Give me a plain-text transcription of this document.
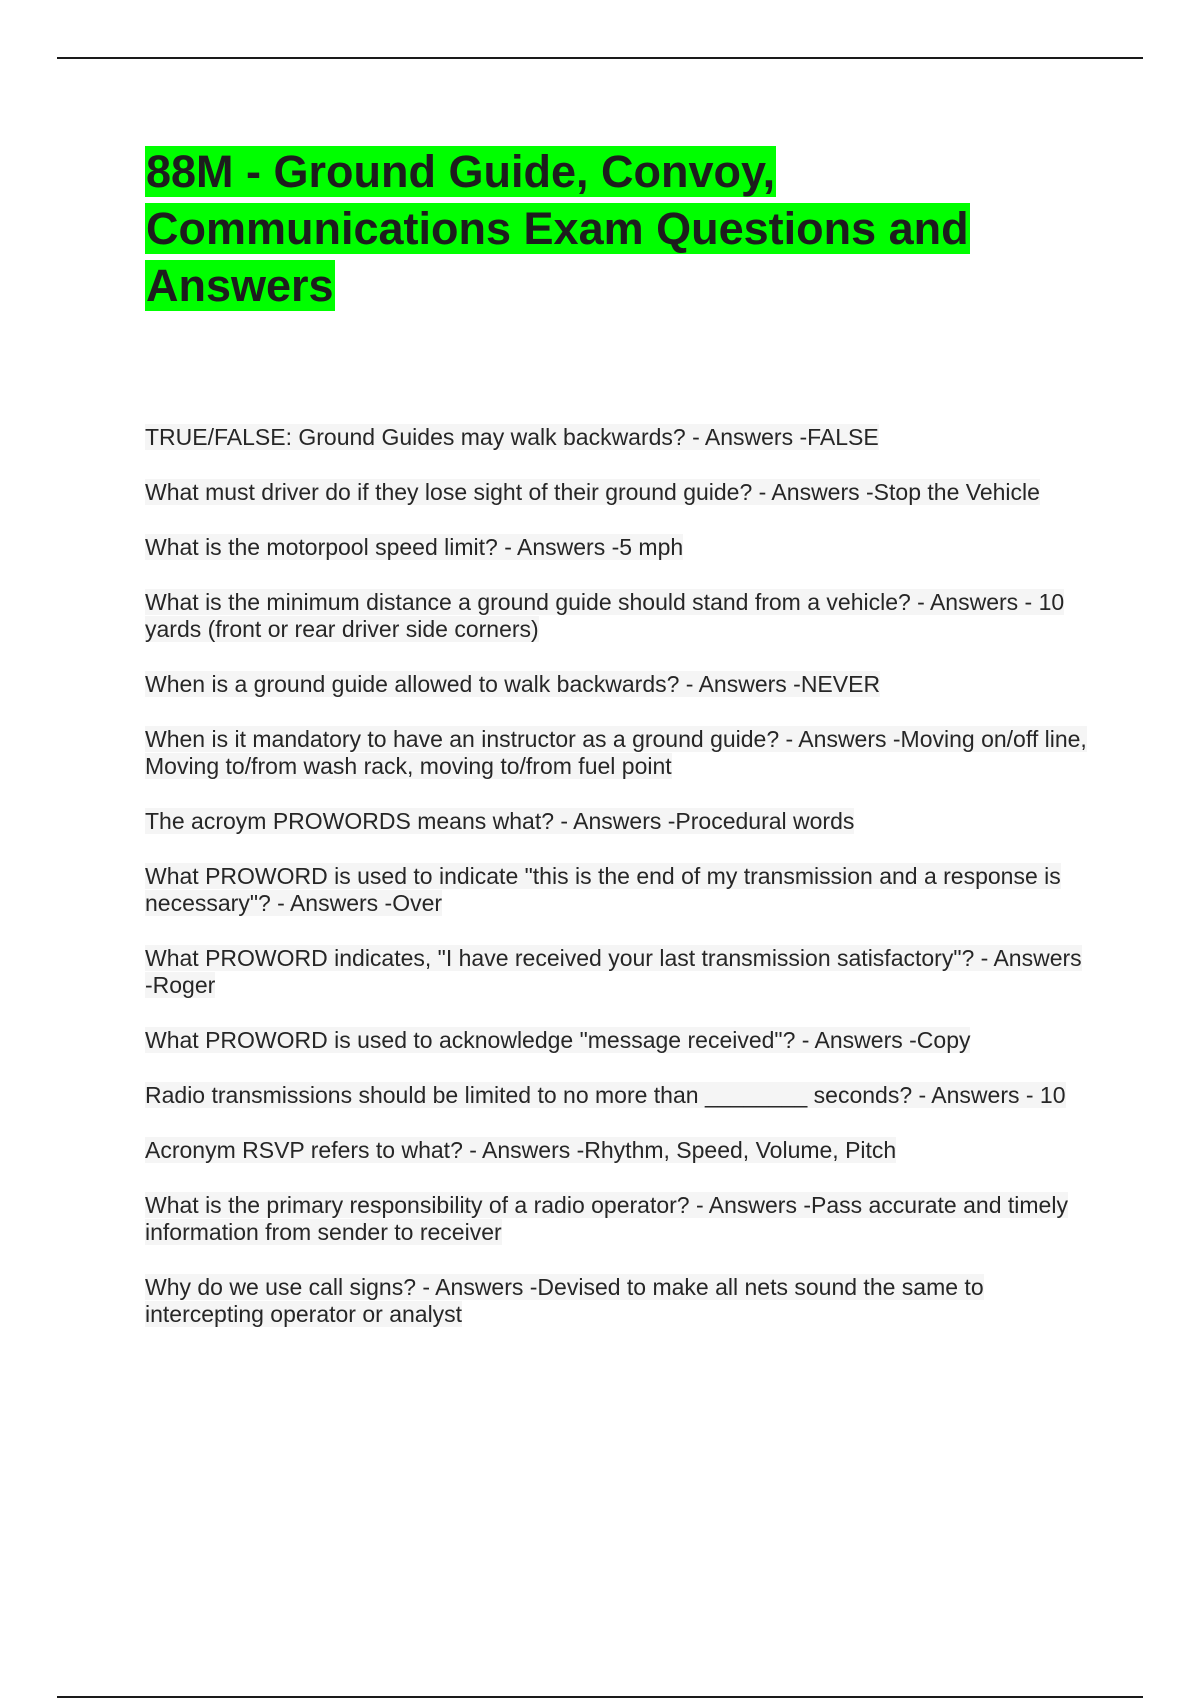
88M - Ground Guide, Convoy, Communications Exam Questions and Answers
TRUE/FALSE: Ground Guides may walk backwards? - Answers -FALSE
What must driver do if they lose sight of their ground guide? - Answers -Stop the Vehicle
What is the motorpool speed limit? - Answers -5 mph
What is the minimum distance a ground guide should stand from a vehicle? - Answers - 10 yards (front or rear driver side corners)
When is a ground guide allowed to walk backwards? - Answers -NEVER
When is it mandatory to have an instructor as a ground guide? - Answers -Moving on/off line, Moving to/from wash rack, moving to/from fuel point
The acroym PROWORDS means what? - Answers -Procedural words
What PROWORD is used to indicate "this is the end of my transmission and a response is necessary"? - Answers -Over
What PROWORD indicates, "I have received your last transmission satisfactory"? - Answers -Roger
What PROWORD is used to acknowledge "message received"? - Answers -Copy
Radio transmissions should be limited to no more than ________ seconds? - Answers - 10
Acronym RSVP refers to what? - Answers -Rhythm, Speed, Volume, Pitch
What is the primary responsibility of a radio operator? - Answers -Pass accurate and timely information from sender to receiver
Why do we use call signs? - Answers -Devised to make all nets sound the same to intercepting operator or analyst
